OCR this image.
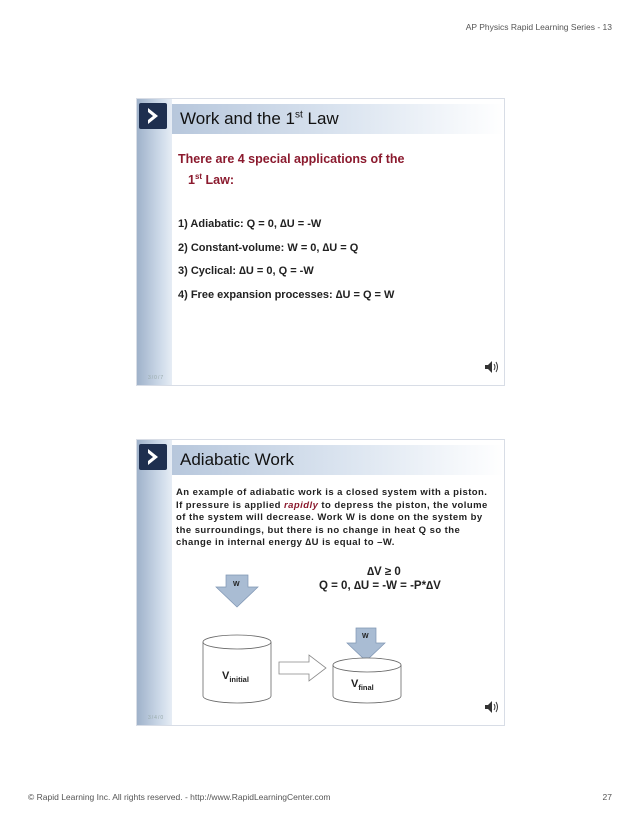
AP Physics Rapid Learning Series - 13
3/0/7
Work and the 1st Law
There are 4 special applications of the
1st Law:
1) Adiabatic: Q = 0, ∆U = -W
2) Constant-volume: W = 0, ∆U = Q
3) Cyclical: ∆U = 0, Q = -W
4) Free expansion processes: ∆U = Q = W
3/4/0
Adiabatic Work
An example of adiabatic work is a closed system with a piston. If pressure is applied rapidly to depress the piston, the volume of the system will decrease. Work W is done on the system by the surroundings, but there is no change in heat Q so the change in internal energy ∆U is equal to –W.
∆V ≥ 0
Q = 0, ∆U = -W = -P*∆V
W
W
$V_{initial}$	$V_{final}$
© Rapid Learning Inc. All rights reserved. - http://www.RapidLearningCenter.com	27
